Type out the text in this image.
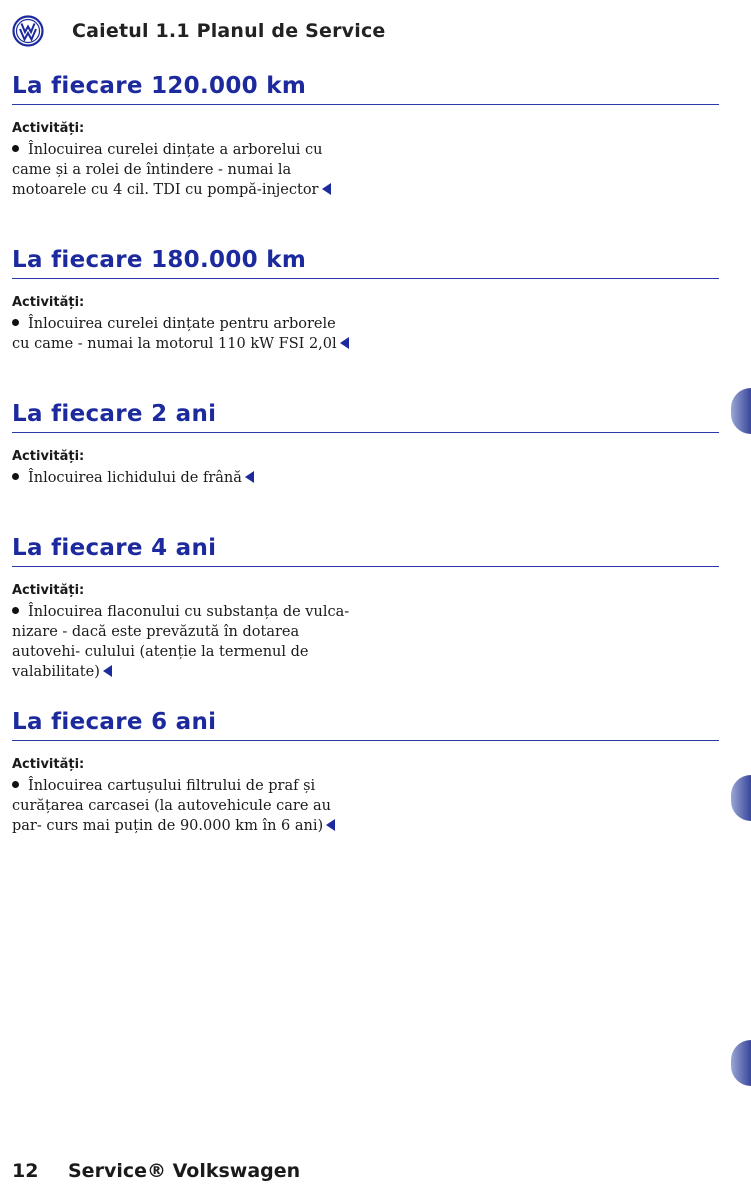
Caietul 1.1 Planul de Service
La fiecare 120.000 km
Activități:
Înlocuirea curelei dințate a arborelui cu came și a rolei de întindere - numai la motoarele cu 4 cil. TDI cu pompă-injector
La fiecare 180.000 km
Activități:
Înlocuirea curelei dințate pentru arborele cu came - numai la motorul 110 kW FSI 2,0l
La fiecare 2 ani
Activități:
Înlocuirea lichidului de frână
La fiecare 4 ani
Activități:
Înlocuirea flaconului cu substanța de vulca- nizare - dacă este prevăzută în dotarea autovehi- culului (atenție la termenul de valabilitate)
La fiecare 6 ani
Activități:
Înlocuirea cartușului filtrului de praf și curățarea carcasei (la autovehicule care au par- curs mai puțin de 90.000 km în 6 ani)
12 Service® Volkswagen
